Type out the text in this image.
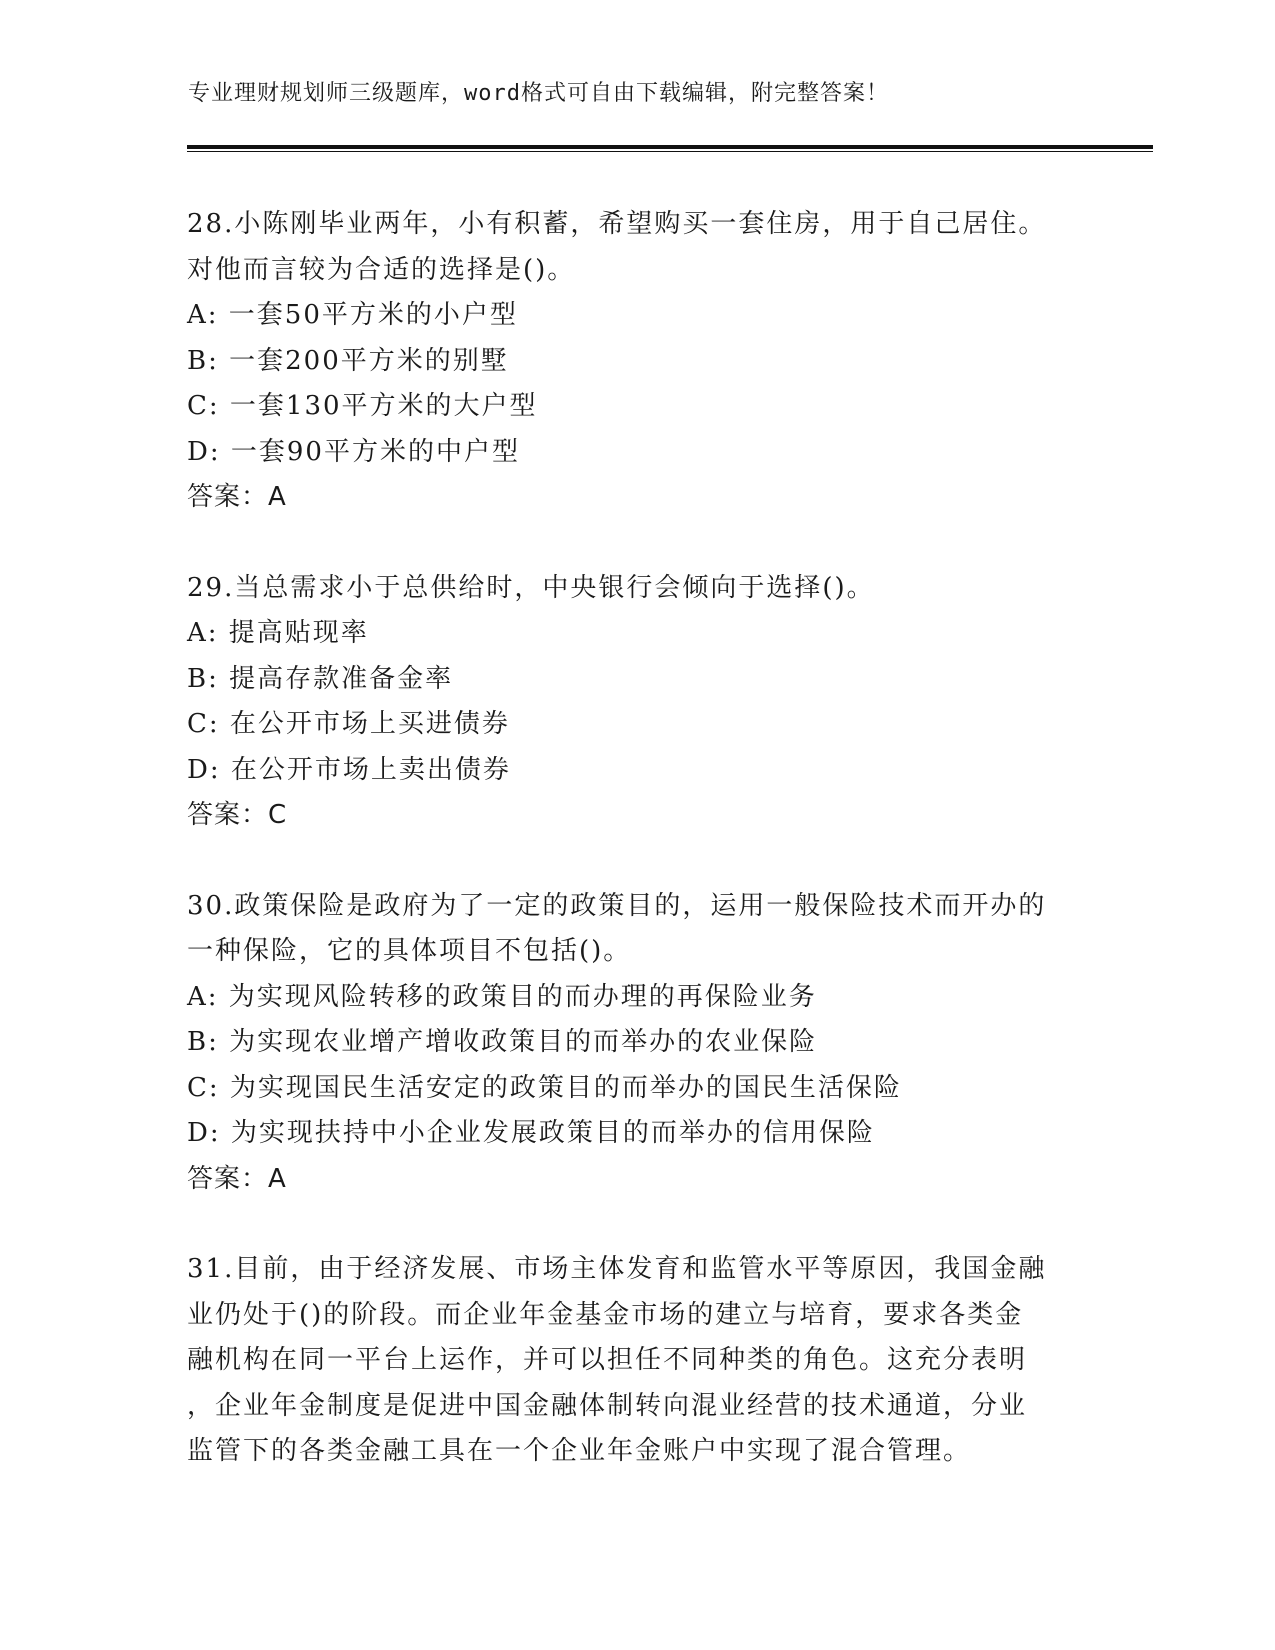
专业理财规划师三级题库，word格式可自由下载编辑，附完整答案！
28.小陈刚毕业两年，小有积蓄，希望购买一套住房，用于自己居住。
对他而言较为合适的选择是()。
A: 一套50平方米的小户型
B: 一套200平方米的别墅
C: 一套130平方米的大户型
D: 一套90平方米的中户型
答案：A
29.当总需求小于总供给时，中央银行会倾向于选择()。
A: 提高贴现率
B: 提高存款准备金率
C: 在公开市场上买进债券
D: 在公开市场上卖出债券
答案：C
30.政策保险是政府为了一定的政策目的，运用一般保险技术而开办的
一种保险，它的具体项目不包括()。
A: 为实现风险转移的政策目的而办理的再保险业务
B: 为实现农业增产增收政策目的而举办的农业保险
C: 为实现国民生活安定的政策目的而举办的国民生活保险
D: 为实现扶持中小企业发展政策目的而举办的信用保险
答案：A
31.目前，由于经济发展、市场主体发育和监管水平等原因，我国金融
业仍处于()的阶段。而企业年金基金市场的建立与培育，要求各类金
融机构在同一平台上运作，并可以担任不同种类的角色。这充分表明
，企业年金制度是促进中国金融体制转向混业经营的技术通道，分业
监管下的各类金融工具在一个企业年金账户中实现了混合管理。
